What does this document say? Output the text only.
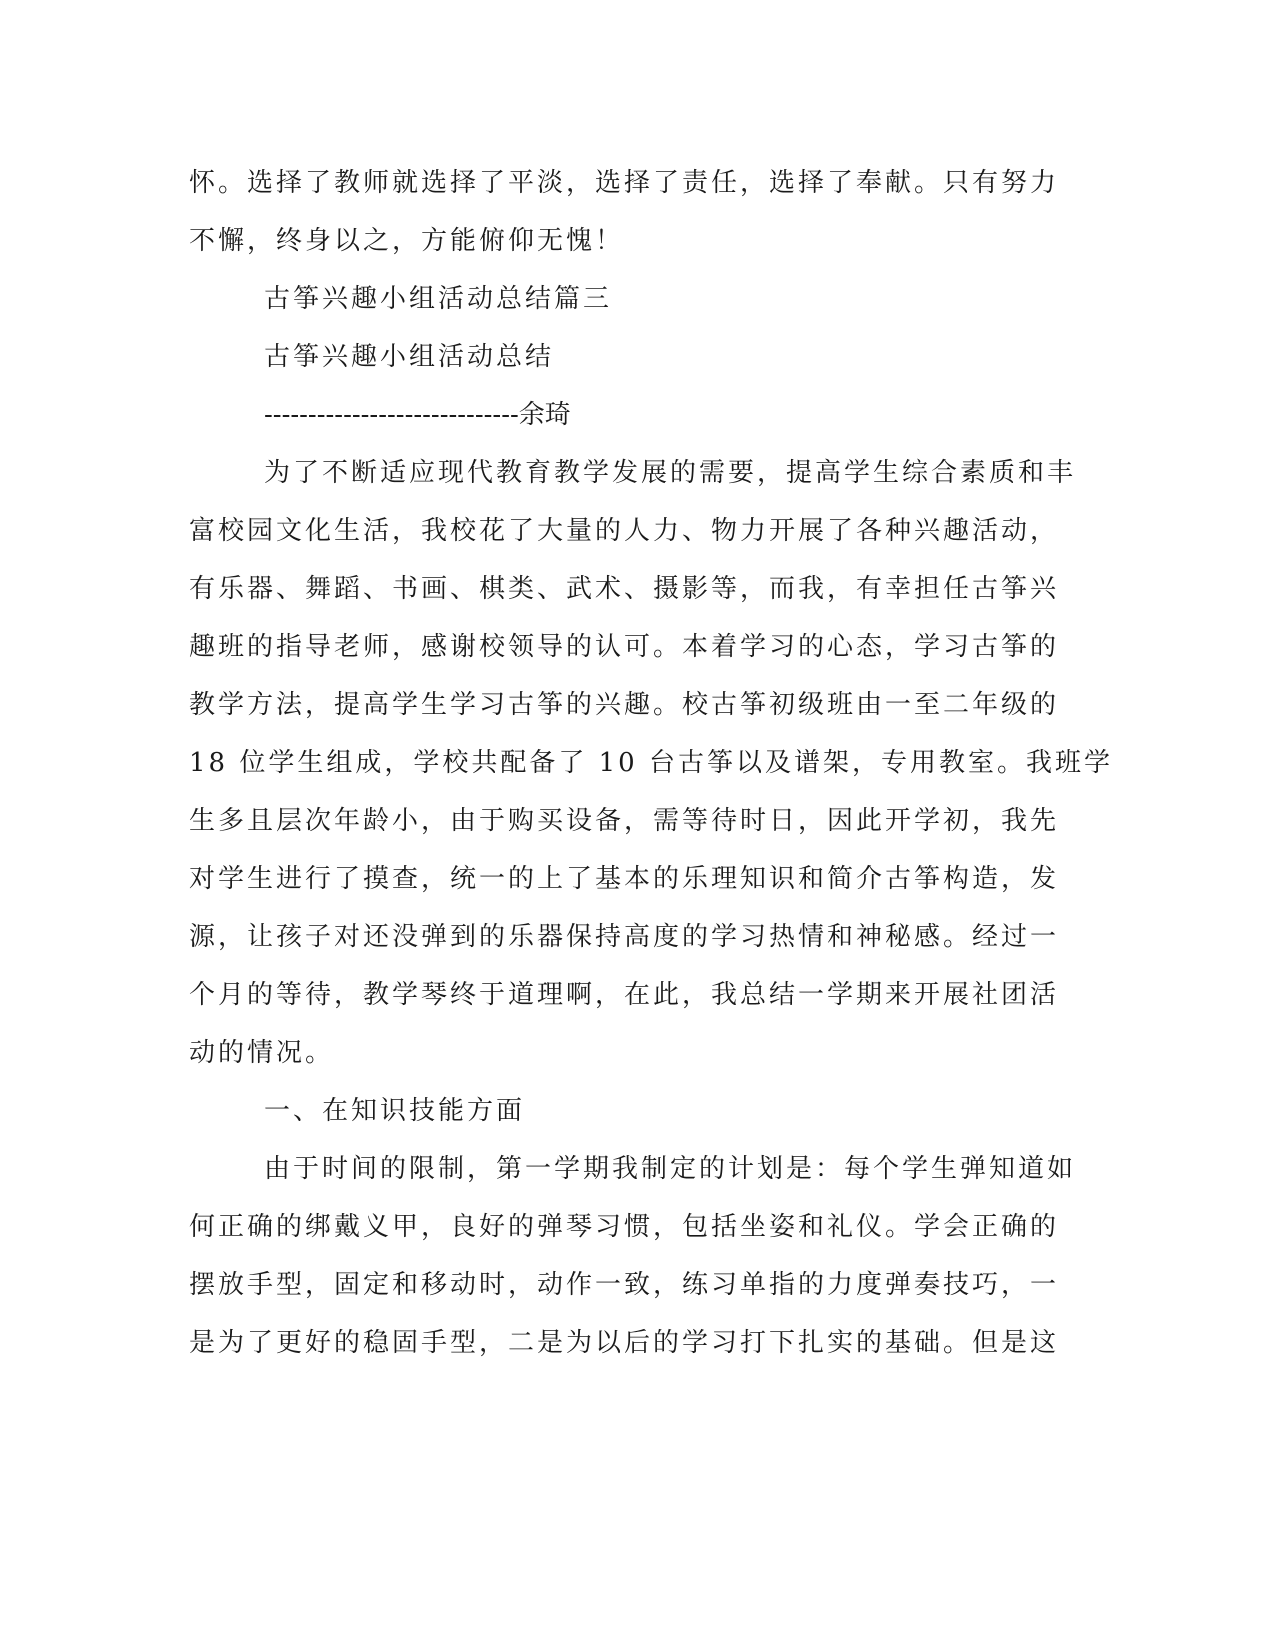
怀。选择了教师就选择了平淡，选择了责任，选择了奉献。只有努力
不懈，终身以之，方能俯仰无愧！
古筝兴趣小组活动总结篇三
古筝兴趣小组活动总结
-----------------------------余琦
为了不断适应现代教育教学发展的需要，提高学生综合素质和丰
富校园文化生活，我校花了大量的人力、物力开展了各种兴趣活动，
有乐器、舞蹈、书画、棋类、武术、摄影等，而我，有幸担任古筝兴
趣班的指导老师，感谢校领导的认可。本着学习的心态，学习古筝的
教学方法，提高学生学习古筝的兴趣。校古筝初级班由一至二年级的
18 位学生组成，学校共配备了 10 台古筝以及谱架，专用教室。我班学
生多且层次年龄小，由于购买设备，需等待时日，因此开学初，我先
对学生进行了摸查，统一的上了基本的乐理知识和简介古筝构造，发
源，让孩子对还没弹到的乐器保持高度的学习热情和神秘感。经过一
个月的等待，教学琴终于道理啊，在此，我总结一学期来开展社团活
动的情况。
一、在知识技能方面
由于时间的限制，第一学期我制定的计划是：每个学生弹知道如
何正确的绑戴义甲，良好的弹琴习惯，包括坐姿和礼仪。学会正确的
摆放手型，固定和移动时，动作一致，练习单指的力度弹奏技巧，一
是为了更好的稳固手型，二是为以后的学习打下扎实的基础。但是这
